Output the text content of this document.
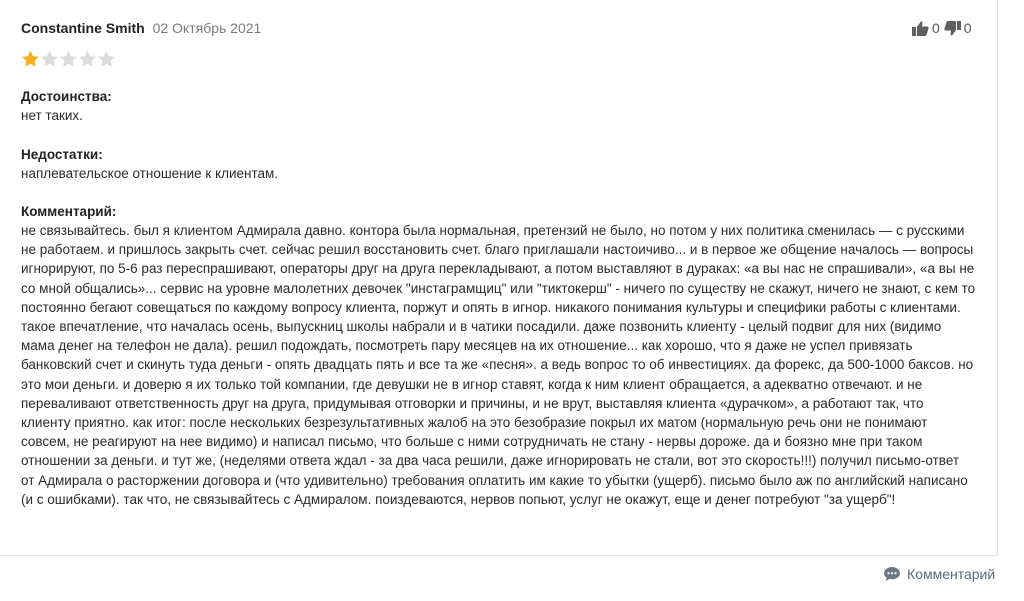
Constantine Smith 02 Октябрь 2021	0 0
Достоинства:
нет таких.
Недостатки:
наплевательское отношение к клиентам.
Комментарий:
не связывайтесь. был я клиентом Адмирала давно. контора была нормальная, претензий не было, но потом у них политика сменилась — с русскими не работаем. и пришлось закрыть счет. сейчас решил восстановить счет. благо приглашали настоичиво... и в первое же общение началось — вопросы игнорируют, по 5-6 раз переспрашивают, операторы друг на друга перекладывают, а потом выставляют в дураках: «а вы нас не спрашивали», «а вы не со мной общались»... сервис на уровне малолетних девочек "инстаграмщиц" или "тиктокерш" - ничего по существу не скажут, ничего не знают, с кем то постоянно бегают совещаться по каждому вопросу клиента, поржут и опять в игнор. никакого понимания культуры и специфики работы с клиентами. такое впечатление, что началась осень, выпускниц школы набрали и в чатики посадили. даже позвонить клиенту - целый подвиг для них (видимо мама денег на телефон не дала). решил подождать, посмотреть пару месяцев на их отношение... как хорошо, что я даже не успел привязать банковский счет и скинуть туда деньги - опять двадцать пять и все та же «песня». а ведь вопрос то об инвестициях. да форекс, да 500-1000 баксов. но это мои деньги. и доверю я их только той компании, где девушки не в игнор ставят, когда к ним клиент обращается, а адекватно отвечают. и не перевaливают ответственность друг на друга, придумывая отговорки и причины, и не врут, выставляя клиента «дурачком», а работают так, что клиенту приятно. как итог: после нескольких безрезультативных жалоб на это безобразие покрыл их матом (нормальную речь они не понимают совсем, не реагируют на нее видимо) и написал письмо, что больше с ними сотрудничать не стану - нервы дороже. да и боязно мне при таком отношении за деньги. и тут же, (неделями ответа ждал - за два часа решили, даже игнорировать не стали, вот это скорость!!!) получил письмо-ответ от Адмирала о расторжении договора и (что удивительно) требования оплатить им какие то убытки (ущерб). письмо было аж по английский написано (и с ошибками). так что, не связывайтесь с Адмиралом. поиздеваются, нервов попьют, услуг не окажут, еще и денег потребуют "за ущерб"!
Комментарий
